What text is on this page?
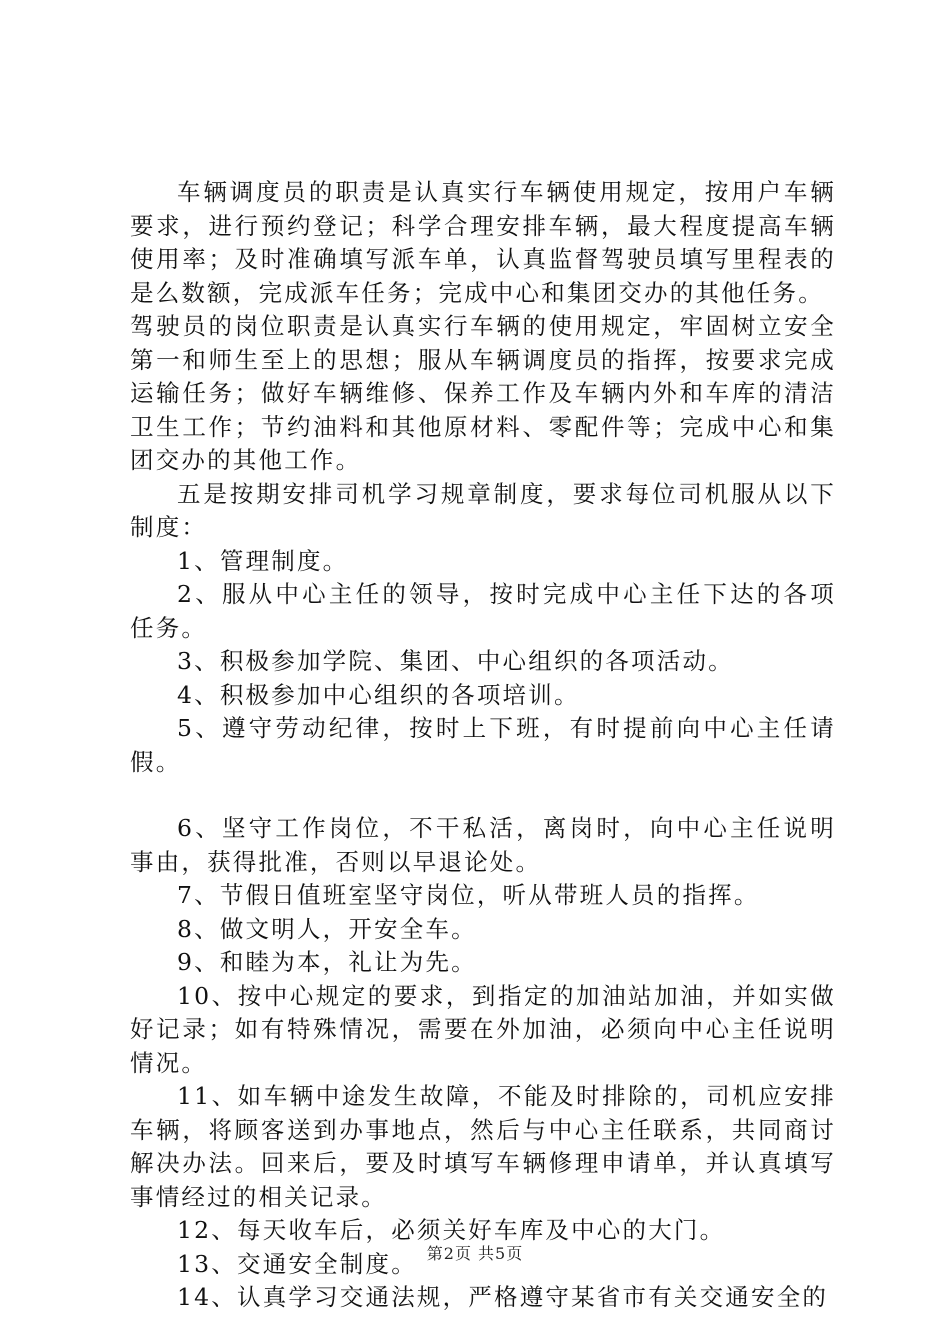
车辆调度员的职责是认真实行车辆使用规定，按用户车辆要求，进行预约登记；科学合理安排车辆，最大程度提高车辆使用率；及时准确填写派车单，认真监督驾驶员填写里程表的是么数额，完成派车任务；完成中心和集团交办的其他任务。

驾驶员的岗位职责是认真实行车辆的使用规定，牢固树立安全第一和师生至上的思想；服从车辆调度员的指挥，按要求完成运输任务；做好车辆维修、保养工作及车辆内外和车库的清洁卫生工作；节约油料和其他原材料、零配件等；完成中心和集团交办的其他工作。

五是按期安排司机学习规章制度，要求每位司机服从以下制度：

1、管理制度。

2、服从中心主任的领导，按时完成中心主任下达的各项任务。

3、积极参加学院、集团、中心组织的各项活动。

4、积极参加中心组织的各项培训。

5、遵守劳动纪律，按时上下班，有时提前向中心主任请假。

6、坚守工作岗位，不干私活，离岗时，向中心主任说明事由，获得批准，否则以早退论处。

7、节假日值班室坚守岗位，听从带班人员的指挥。

8、做文明人，开安全车。

9、和睦为本，礼让为先。

10、按中心规定的要求，到指定的加油站加油，并如实做好记录；如有特殊情况，需要在外加油，必须向中心主任说明情况。

11、如车辆中途发生故障，不能及时排除的，司机应安排车辆，将顾客送到办事地点，然后与中心主任联系，共同商讨解决办法。回来后，要及时填写车辆修理申请单，并认真填写事情经过的相关记录。

12、每天收车后，必须关好车库及中心的大门。

13、交通安全制度。

14、认真学习交通法规，严格遵守某省市有关交通安全的

第2页 共5页
